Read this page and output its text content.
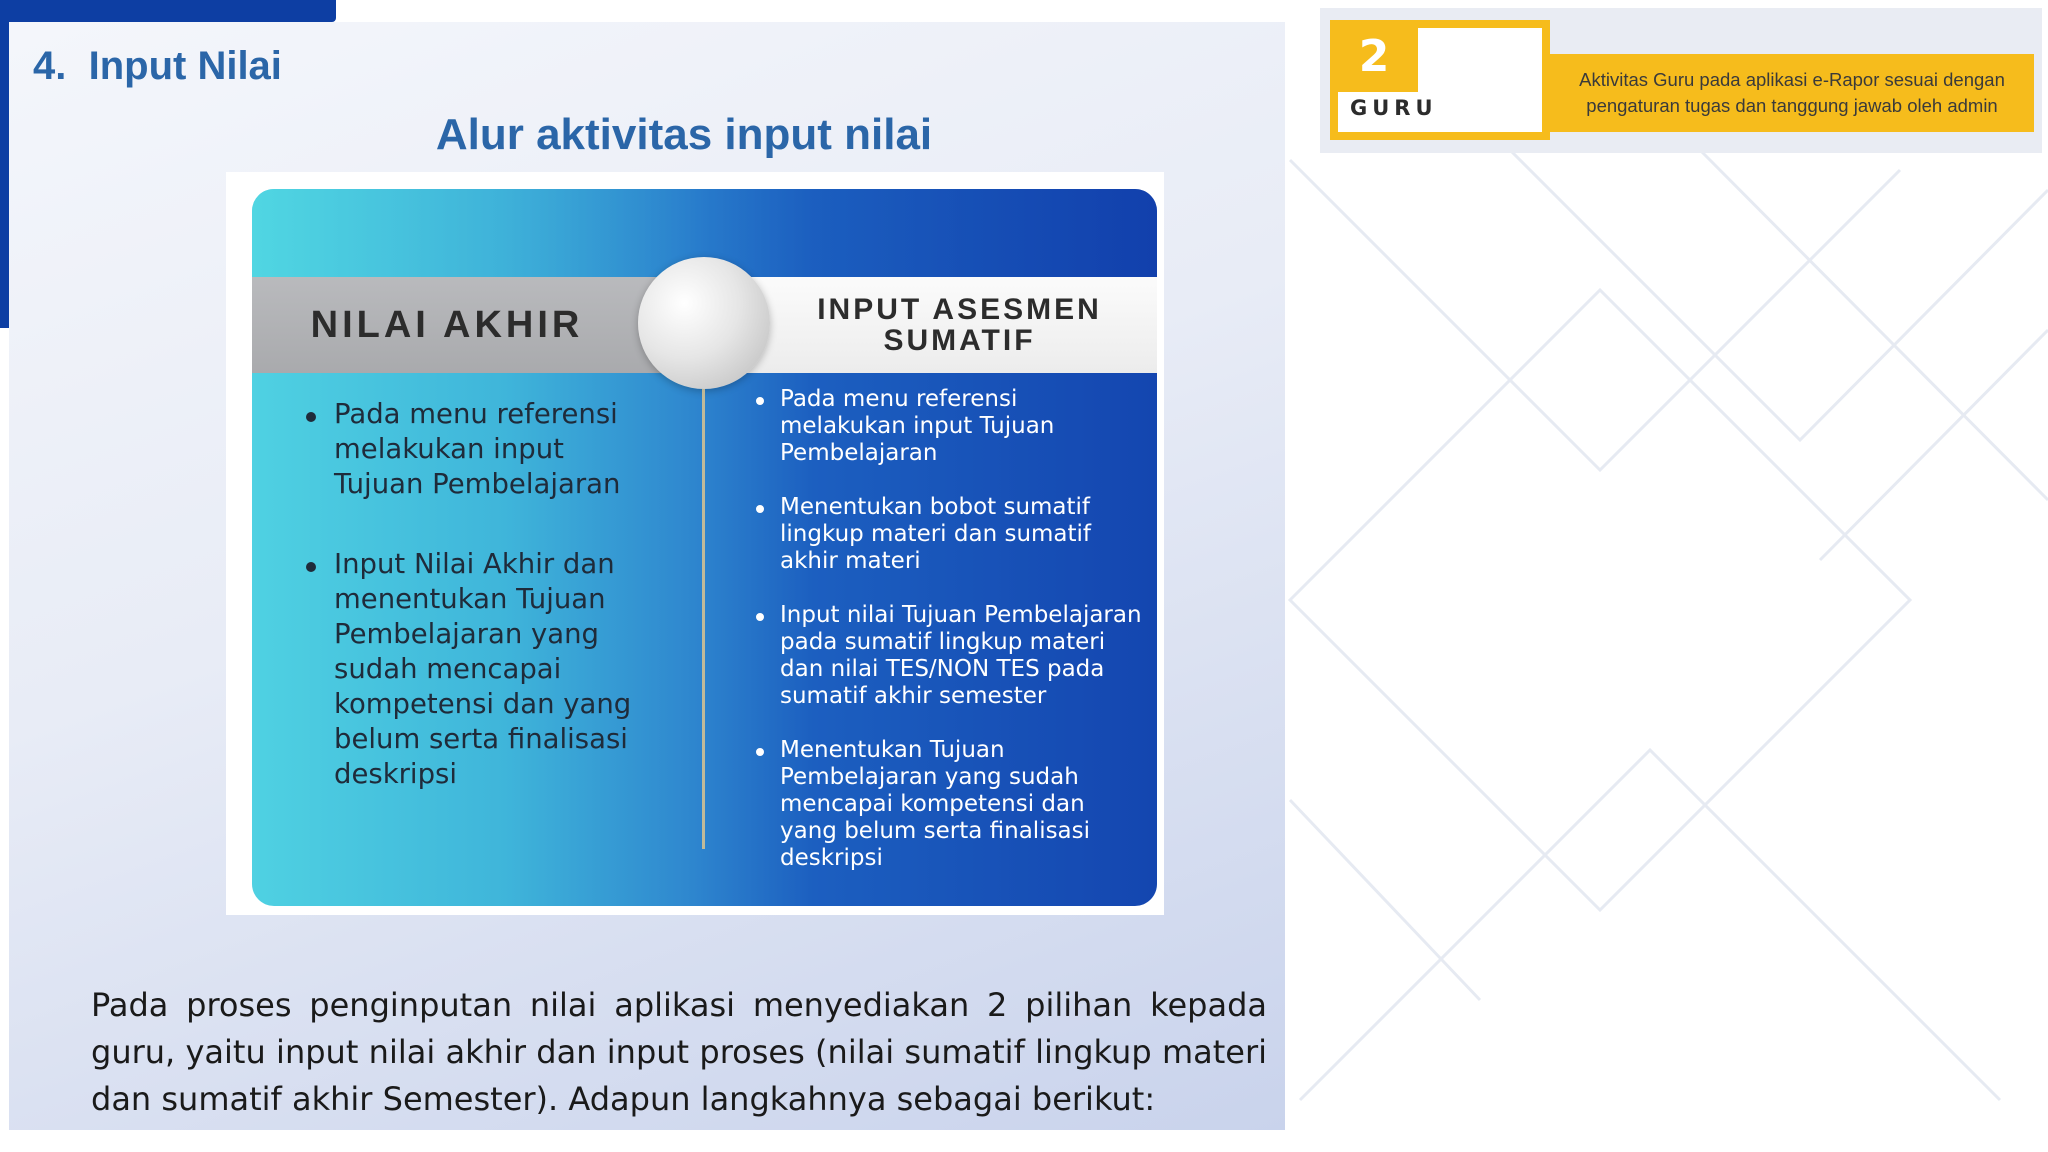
4. Input Nilai
Alur aktivitas input nilai
NILAI AKHIR	INPUT ASESMEN SUMATIF
Pada menu referensi melakukan input Tujuan Pembelajaran
Input Nilai Akhir dan menentukan Tujuan Pembelajaran yang sudah mencapai kompetensi dan yang belum serta finalisasi deskripsi
Pada menu referensi melakukan input Tujuan Pembelajaran
Menentukan bobot sumatif lingkup materi dan sumatif akhir materi
Input nilai Tujuan Pembelajaran pada sumatif lingkup materi dan nilai TES/NON TES pada sumatif akhir semester
Menentukan Tujuan Pembelajaran yang sudah mencapai kompetensi dan yang belum serta finalisasi deskripsi

Pada proses penginputan nilai aplikasi menyediakan 2 pilihan kepada guru, yaitu input nilai akhir dan input proses (nilai sumatif lingkup materi dan sumatif akhir Semester). Adapun langkahnya sebagai berikut:

2
GURU
Aktivitas Guru pada aplikasi e-Rapor sesuai dengan pengaturan tugas dan tanggung jawab oleh admin
